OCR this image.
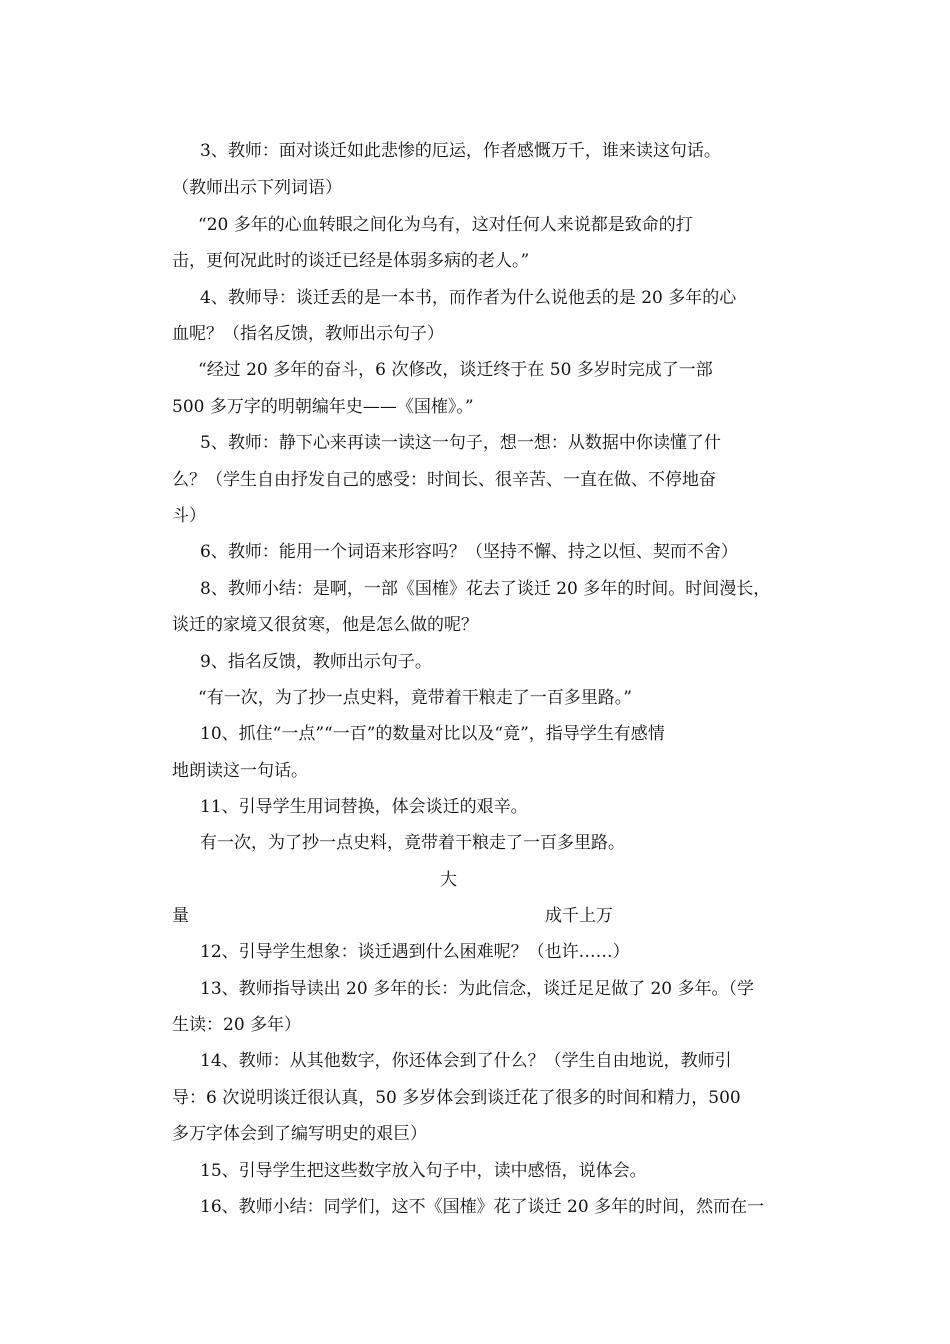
3、教师：面对谈迁如此悲惨的厄运，作者感慨万千，谁来读这句话。
（教师出示下列词语）
“20 多年的心血转眼之间化为乌有，这对任何人来说都是致命的打
击，更何况此时的谈迁已经是体弱多病的老人。”
4、教师导：谈迁丢的是一本书，而作者为什么说他丢的是 20 多年的心
血呢？（指名反馈，教师出示句子）
“经过 20 多年的奋斗，6 次修改，谈迁终于在 50 多岁时完成了一部
500 多万字的明朝编年史——《国榷》。”
5、教师：静下心来再读一读这一句子，想一想：从数据中你读懂了什
么？（学生自由抒发自己的感受：时间长、很辛苦、一直在做、不停地奋
斗）
6、教师：能用一个词语来形容吗？（坚持不懈、持之以恒、契而不舍）
8、教师小结：是啊，一部《国榷》花去了谈迁 20 多年的时间。时间漫长，
谈迁的家境又很贫寒，他是怎么做的呢？
9、指名反馈，教师出示句子。
“有一次，为了抄一点史料，竟带着干粮走了一百多里路。”
10、抓住“一点”“一百”的数量对比以及“竟”，指导学生有感情
地朗读这一句话。
11、引导学生用词替换，体会谈迁的艰辛。
有一次，为了抄一点史料，竟带着干粮走了一百多里路。
大
量	成千上万
12、引导学生想象：谈迁遇到什么困难呢？（也许……）
13、教师指导读出 20 多年的长：为此信念，谈迁足足做了 20 多年。（学
生读：20 多年）
14、教师：从其他数字，你还体会到了什么？（学生自由地说，教师引
导：6 次说明谈迁很认真，50 多岁体会到谈迁花了很多的时间和精力，500
多万字体会到了编写明史的艰巨）
15、引导学生把这些数字放入句子中，读中感悟，说体会。
16、教师小结：同学们，这不《国榷》花了谈迁 20 多年的时间，然而在一
